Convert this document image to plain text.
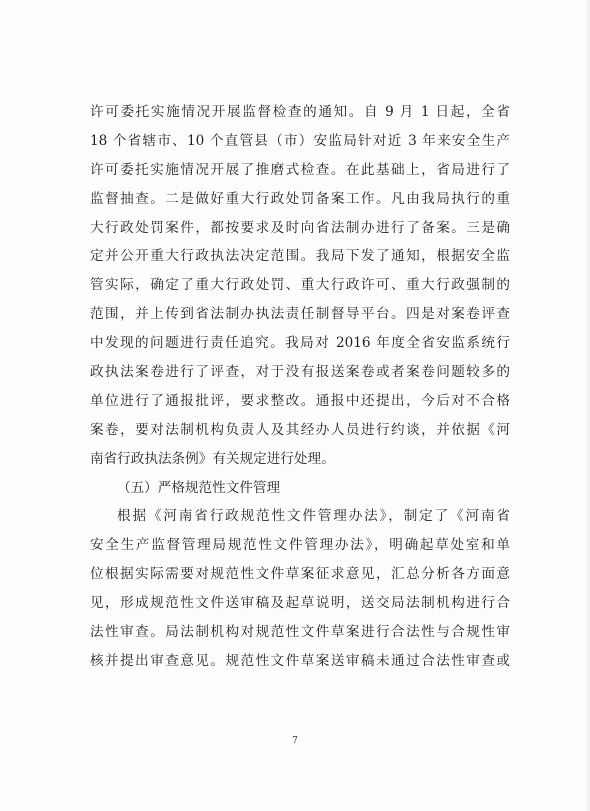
许可委托实施情况开展监督检查的通知。自 9 月 1 日起，全省
18 个省辖市、10 个直管县（市）安监局针对近 3 年来安全生产
许可委托实施情况开展了推磨式检查。在此基础上，省局进行了
监督抽查。二是做好重大行政处罚备案工作。凡由我局执行的重
大行政处罚案件，都按要求及时向省法制办进行了备案。三是确
定并公开重大行政执法决定范围。我局下发了通知，根据安全监
管实际，确定了重大行政处罚、重大行政许可、重大行政强制的
范围，并上传到省法制办执法责任制督导平台。四是对案卷评查
中发现的问题进行责任追究。我局对 2016 年度全省安监系统行
政执法案卷进行了评查，对于没有报送案卷或者案卷问题较多的
单位进行了通报批评，要求整改。通报中还提出，今后对不合格
案卷，要对法制机构负责人及其经办人员进行约谈，并依据《河
南省行政执法条例》有关规定进行处理。
（五）严格规范性文件管理
根据《河南省行政规范性文件管理办法》，制定了《河南省
安全生产监督管理局规范性文件管理办法》，明确起草处室和单
位根据实际需要对规范性文件草案征求意见，汇总分析各方面意
见，形成规范性文件送审稿及起草说明，送交局法制机构进行合
法性审查。局法制机构对规范性文件草案进行合法性与合规性审
核并提出审查意见。规范性文件草案送审稿未通过合法性审查或
7
